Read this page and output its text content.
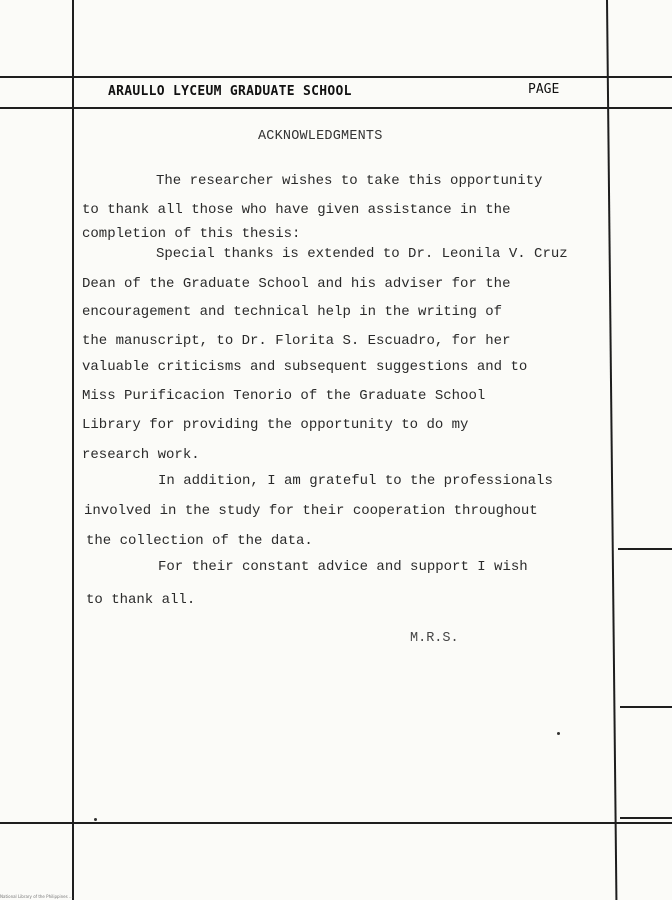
ARAULLO LYCEUM GRADUATE SCHOOL	PAGE
ACKNOWLEDGMENTS
The researcher wishes to take this opportunity
to thank all those who have given assistance in the
completion of this thesis:
Special thanks is extended to Dr. Leonila V. Cruz
Dean of the Graduate School and his adviser for the
encouragement and technical help in the writing of
the manuscript, to Dr. Florita S. Escuadro, for her
valuable criticisms and subsequent suggestions and to
Miss Purificacion Tenorio of the Graduate School
Library for providing the opportunity to do my
research work.
In addition, I am grateful to the professionals
involved in the study for their cooperation throughout
the collection of the data.
For their constant advice and support I wish
to thank all.
M.R.S.
National Library of the Philippines ...
